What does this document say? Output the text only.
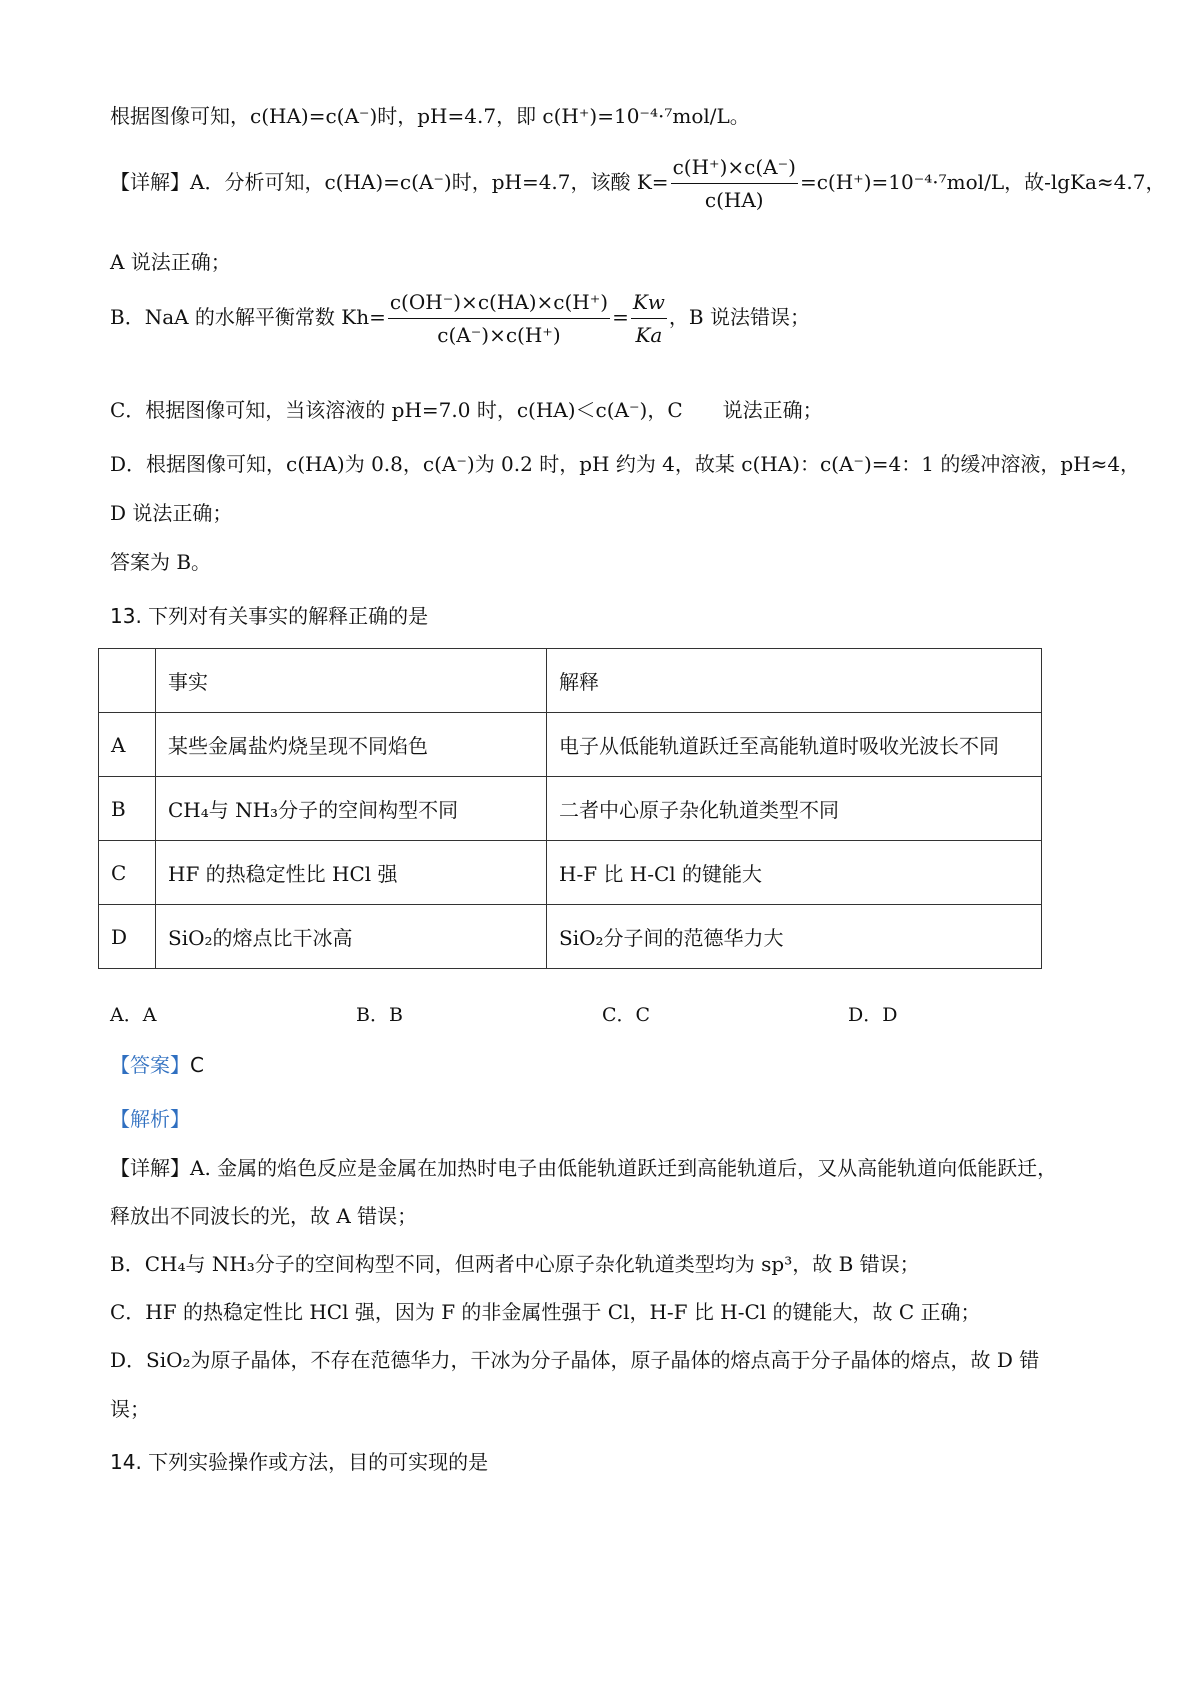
根据图像可知，c(HA)=c(A⁻)时，pH=4.7，即 c(H⁺)=10⁻⁴·⁷mol/L。
【详解】A．分析可知，c(HA)=c(A⁻)时，pH=4.7，该酸 $K= \frac{c(H^+)\times c(A^-)}{c(HA)} =c(H^+)=10^{-4}\cdot^7mol/L$，故-lgKa≈4.7，
A 说法正确；
B．NaA 的水解平衡常数 $Kh= \frac{c(OH^-)\times c(HA)\times c(H^+)}{c(A^-)\times c(H^+)} = \frac{Kw}{Ka}$ ，B 说法错误；
C．根据图像可知，当该溶液的 pH=7.0 时，c(HA)＜c(A⁻)，C　　说法正确；
D．根据图像可知，c(HA)为 0.8，c(A⁻)为 0.2 时，pH 约为 4，故某 c(HA)：c(A⁻)=4：1 的缓冲溶液，pH≈4，
D 说法正确；
答案为 B。
13. 下列对有关事实的解释正确的是
	事实	解释
A	某些金属盐灼烧呈现不同焰色	电子从低能轨道跃迁至高能轨道时吸收光波长不同
B	CH₄与 NH₃分子的空间构型不同	二者中心原子杂化轨道类型不同
C	HF 的热稳定性比 HCl 强	H-F 比 H-Cl 的键能大
D	SiO₂的熔点比干冰高	SiO₂分子间的范德华力大
A．A	B．B	C．C	D．D
【答案】C
【解析】
【详解】A. 金属的焰色反应是金属在加热时电子由低能轨道跃迁到高能轨道后，又从高能轨道向低能跃迁，
释放出不同波长的光，故 A 错误；
B．CH₄与 NH₃分子的空间构型不同，但两者中心原子杂化轨道类型均为 sp³，故 B 错误；
C．HF 的热稳定性比 HCl 强，因为 F 的非金属性强于 Cl，H-F 比 H-Cl 的键能大，故 C 正确；
D．SiO₂为原子晶体，不存在范德华力，干冰为分子晶体，原子晶体的熔点高于分子晶体的熔点，故 D 错
误；
14. 下列实验操作或方法，目的可实现的是
